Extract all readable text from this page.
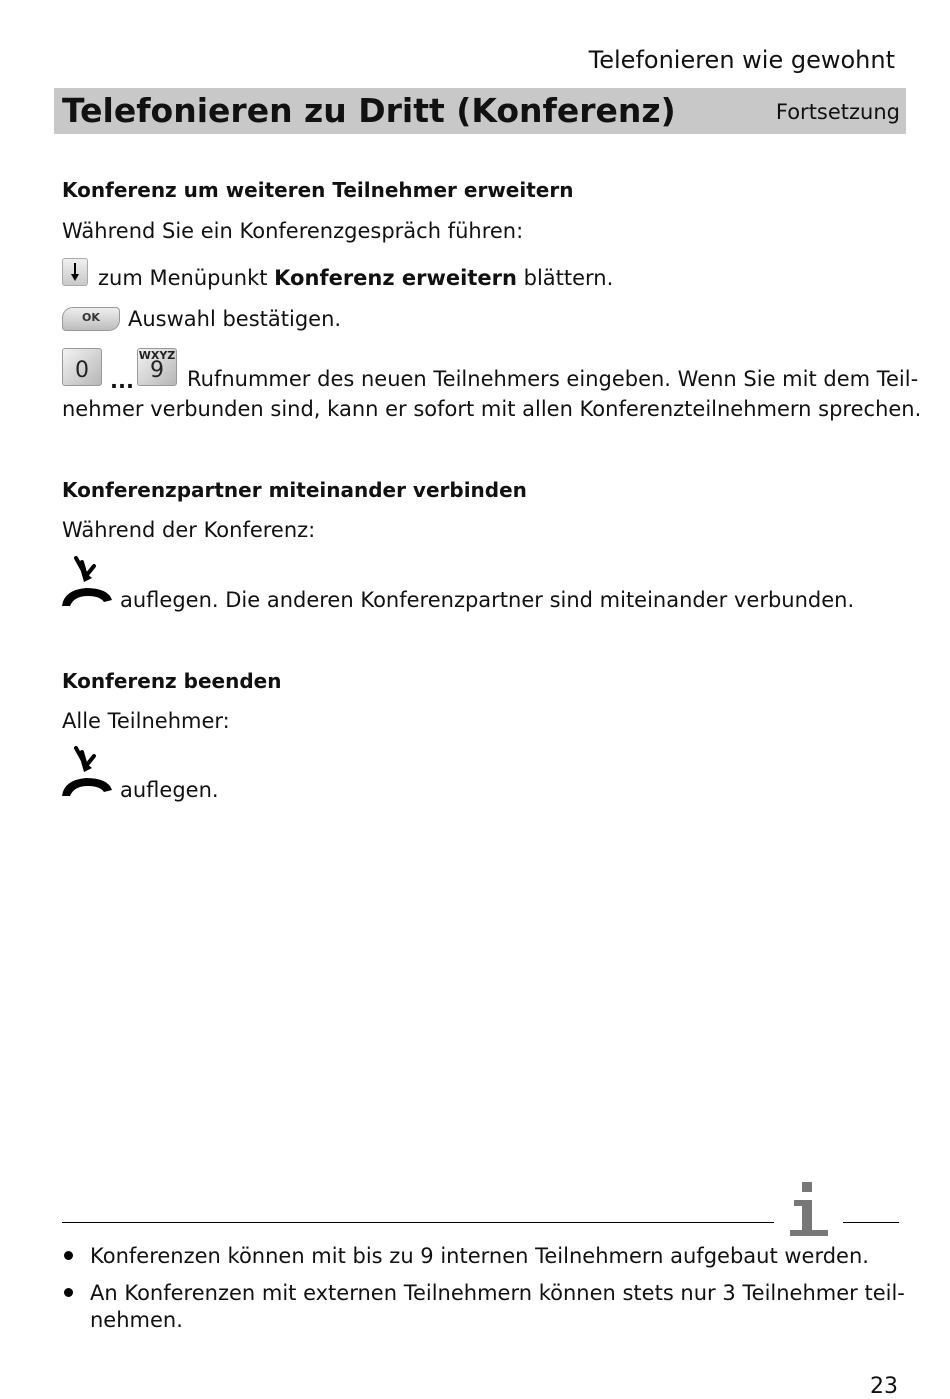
Telefonieren wie gewohnt
Telefonieren zu Dritt (Konferenz)	Fortsetzung
Konferenz um weiteren Teilnehmer erweitern
Während Sie ein Konferenzgespräch führen:
zum Menüpunkt Konferenz erweitern blättern.
OK Auswahl bestätigen.
0	...
WXYZ
9	Rufnummer des neuen Teilnehmers eingeben. Wenn Sie mit dem Teil-
nehmer verbunden sind, kann er sofort mit allen Konferenzteilnehmern sprechen.
Konferenzpartner miteinander verbinden
Während der Konferenz:
auflegen. Die anderen Konferenzpartner sind miteinander verbunden.
Konferenz beenden
Alle Teilnehmer:
auflegen.
Konferenzen können mit bis zu 9 internen Teilnehmern aufgebaut werden.
An Konferenzen mit externen Teilnehmern können stets nur 3 Teilnehmer teil-
nehmen.
23
